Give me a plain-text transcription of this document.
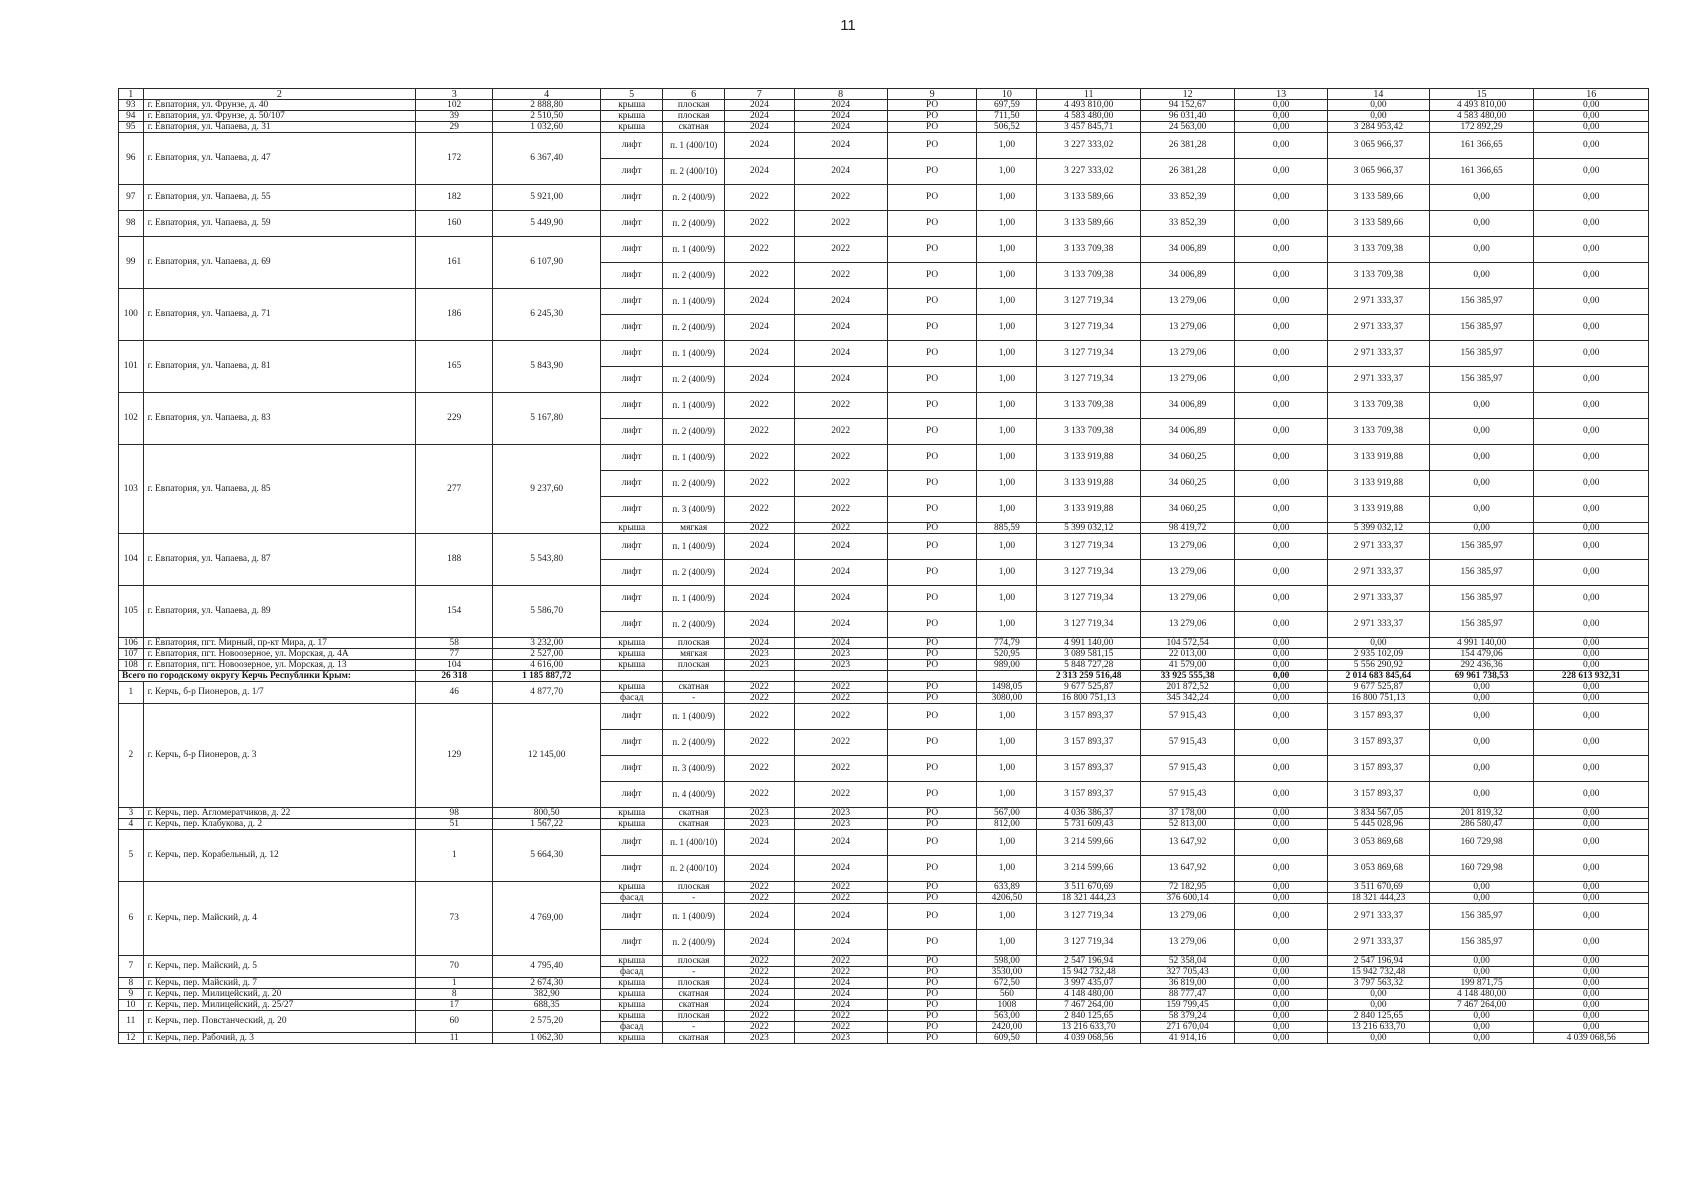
11
1	2	3	4	5	6	7	8	9	10	11	12	13	14	15	16
93	г. Евпатория, ул. Фрунзе, д. 40	102	2 888,80	крыша	плоская	2024	2024	РО	697,59	4 493 810,00	94 152,67	0,00	0,00	4 493 810,00	0,00
94	г. Евпатория, ул. Фрунзе, д. 50/107	39	2 510,50	крыша	плоская	2024	2024	РО	711,50	4 583 480,00	96 031,40	0,00	0,00	4 583 480,00	0,00
95	г. Евпатория, ул. Чапаева, д. 31	29	1 032,60	крыша	скатная	2024	2024	РО	506,52	3 457 845,71	24 563,00	0,00	3 284 953,42	172 892,29	0,00
96	г. Евпатория, ул. Чапаева, д. 47	172	6 367,40	лифт	п. 1 (400/10)	2024	2024	РО	1,00	3 227 333,02	26 381,28	0,00	3 065 966,37	161 366,65	0,00
				лифт	п. 2 (400/10)	2024	2024	РО	1,00	3 227 333,02	26 381,28	0,00	3 065 966,37	161 366,65	0,00
97	г. Евпатория, ул. Чапаева, д. 55	182	5 921,00	лифт	п. 2 (400/9)	2022	2022	РО	1,00	3 133 589,66	33 852,39	0,00	3 133 589,66	0,00	0,00
98	г. Евпатория, ул. Чапаева, д. 59	160	5 449,90	лифт	п. 2 (400/9)	2022	2022	РО	1,00	3 133 589,66	33 852,39	0,00	3 133 589,66	0,00	0,00
99	г. Евпатория, ул. Чапаева, д. 69	161	6 107,90	лифт	п. 1 (400/9)	2022	2022	РО	1,00	3 133 709,38	34 006,89	0,00	3 133 709,38	0,00	0,00
				лифт	п. 2 (400/9)	2022	2022	РО	1,00	3 133 709,38	34 006,89	0,00	3 133 709,38	0,00	0,00
100	г. Евпатория, ул. Чапаева, д. 71	186	6 245,30	лифт	п. 1 (400/9)	2024	2024	РО	1,00	3 127 719,34	13 279,06	0,00	2 971 333,37	156 385,97	0,00
				лифт	п. 2 (400/9)	2024	2024	РО	1,00	3 127 719,34	13 279,06	0,00	2 971 333,37	156 385,97	0,00
101	г. Евпатория, ул. Чапаева, д. 81	165	5 843,90	лифт	п. 1 (400/9)	2024	2024	РО	1,00	3 127 719,34	13 279,06	0,00	2 971 333,37	156 385,97	0,00
				лифт	п. 2 (400/9)	2024	2024	РО	1,00	3 127 719,34	13 279,06	0,00	2 971 333,37	156 385,97	0,00
102	г. Евпатория, ул. Чапаева, д. 83	229	5 167,80	лифт	п. 1 (400/9)	2022	2022	РО	1,00	3 133 709,38	34 006,89	0,00	3 133 709,38	0,00	0,00
				лифт	п. 2 (400/9)	2022	2022	РО	1,00	3 133 709,38	34 006,89	0,00	3 133 709,38	0,00	0,00
103	г. Евпатория, ул. Чапаева, д. 85	277	9 237,60	лифт	п. 1 (400/9)	2022	2022	РО	1,00	3 133 919,88	34 060,25	0,00	3 133 919,88	0,00	0,00
				лифт	п. 2 (400/9)	2022	2022	РО	1,00	3 133 919,88	34 060,25	0,00	3 133 919,88	0,00	0,00
				лифт	п. 3 (400/9)	2022	2022	РО	1,00	3 133 919,88	34 060,25	0,00	3 133 919,88	0,00	0,00
				крыша	мягкая	2022	2022	РО	885,59	5 399 032,12	98 419,72	0,00	5 399 032,12	0,00	0,00
104	г. Евпатория, ул. Чапаева, д. 87	188	5 543,80	лифт	п. 1 (400/9)	2024	2024	РО	1,00	3 127 719,34	13 279,06	0,00	2 971 333,37	156 385,97	0,00
				лифт	п. 2 (400/9)	2024	2024	РО	1,00	3 127 719,34	13 279,06	0,00	2 971 333,37	156 385,97	0,00
105	г. Евпатория, ул. Чапаева, д. 89	154	5 586,70	лифт	п. 1 (400/9)	2024	2024	РО	1,00	3 127 719,34	13 279,06	0,00	2 971 333,37	156 385,97	0,00
				лифт	п. 2 (400/9)	2024	2024	РО	1,00	3 127 719,34	13 279,06	0,00	2 971 333,37	156 385,97	0,00
106	г. Евпатория, пгт. Мирный, пр-кт Мира, д. 17	58	3 232,00	крыша	плоская	2024	2024	РО	774,79	4 991 140,00	104 572,54	0,00	0,00	4 991 140,00	0,00
107	г. Евпатория, пгт. Новоозерное, ул. Морская, д. 4А	77	2 527,00	крыша	мягкая	2023	2023	РО	520,95	3 089 581,15	22 013,00	0,00	2 935 102,09	154 479,06	0,00
108	г. Евпатория, пгт. Новоозерное, ул. Морская, д. 13	104	4 616,00	крыша	плоская	2023	2023	РО	989,00	5 848 727,28	41 579,00	0,00	5 556 290,92	292 436,36	0,00
Всего по городскому округу Керчь Республики Крым:		26 318	1 185 887,72							2 313 259 516,48	33 925 555,38	0,00	2 014 683 845,64	69 961 738,53	228 613 932,31
1	г. Керчь, б-р Пионеров, д. 1/7	46	4 877,70	крыша	скатная	2022	2022	РО	1498,05	9 677 525,87	201 872,52	0,00	9 677 525,87	0,00	0,00
				фасад	-	2022	2022	РО	3080,00	16 800 751,13	345 342,24	0,00	16 800 751,13	0,00	0,00
2	г. Керчь, б-р Пионеров, д. 3	129	12 145,00	лифт	п. 1 (400/9)	2022	2022	РО	1,00	3 157 893,37	57 915,43	0,00	3 157 893,37	0,00	0,00
				лифт	п. 2 (400/9)	2022	2022	РО	1,00	3 157 893,37	57 915,43	0,00	3 157 893,37	0,00	0,00
				лифт	п. 3 (400/9)	2022	2022	РО	1,00	3 157 893,37	57 915,43	0,00	3 157 893,37	0,00	0,00
				лифт	п. 4 (400/9)	2022	2022	РО	1,00	3 157 893,37	57 915,43	0,00	3 157 893,37	0,00	0,00
3	г. Керчь, пер. Агломератчиков, д. 22	98	800,50	крыша	скатная	2023	2023	РО	567,00	4 036 386,37	37 178,00	0,00	3 834 567,05	201 819,32	0,00
4	г. Керчь, пер. Клабукова, д. 2	51	1 567,22	крыша	скатная	2023	2023	РО	812,00	5 731 609,43	52 813,00	0,00	5 445 028,96	286 580,47	0,00
5	г. Керчь, пер. Корабельный, д. 12	1	5 664,30	лифт	п. 1 (400/10)	2024	2024	РО	1,00	3 214 599,66	13 647,92	0,00	3 053 869,68	160 729,98	0,00
				лифт	п. 2 (400/10)	2024	2024	РО	1,00	3 214 599,66	13 647,92	0,00	3 053 869,68	160 729,98	0,00
6	г. Керчь, пер. Майский, д. 4	73	4 769,00	крыша	плоская	2022	2022	РО	633,89	3 511 670,69	72 182,95	0,00	3 511 670,69	0,00	0,00
				фасад	-	2022	2022	РО	4206,50	18 321 444,23	376 600,14	0,00	18 321 444,23	0,00	0,00
				лифт	п. 1 (400/9)	2024	2024	РО	1,00	3 127 719,34	13 279,06	0,00	2 971 333,37	156 385,97	0,00
				лифт	п. 2 (400/9)	2024	2024	РО	1,00	3 127 719,34	13 279,06	0,00	2 971 333,37	156 385,97	0,00
7	г. Керчь, пер. Майский, д. 5	70	4 795,40	крыша	плоская	2022	2022	РО	598,00	2 547 196,94	52 358,04	0,00	2 547 196,94	0,00	0,00
				фасад	-	2022	2022	РО	3530,00	15 942 732,48	327 705,43	0,00	15 942 732,48	0,00	0,00
8	г. Керчь, пер. Майский, д. 7	1	2 674,30	крыша	плоская	2024	2024	РО	672,50	3 997 435,07	36 819,00	0,00	3 797 563,32	199 871,75	0,00
9	г. Керчь, пер. Милицейский, д. 20	8	382,90	крыша	скатная	2024	2024	РО	560	4 148 480,00	88 777,47	0,00	0,00	4 148 480,00	0,00
10	г. Керчь, пер. Милицейский, д. 25/27	17	688,35	крыша	скатная	2024	2024	РО	1008	7 467 264,00	159 799,45	0,00	0,00	7 467 264,00	0,00
11	г. Керчь, пер. Повстанческий, д. 20	60	2 575,20	крыша	плоская	2022	2022	РО	563,00	2 840 125,65	58 379,24	0,00	2 840 125,65	0,00	0,00
				фасад	-	2022	2022	РО	2420,00	13 216 633,70	271 670,04	0,00	13 216 633,70	0,00	0,00
12	г. Керчь, пер. Рабочий, д. 3	11	1 062,30	крыша	скатная	2023	2023	РО	609,50	4 039 068,56	41 914,16	0,00	0,00	0,00	4 039 068,56
